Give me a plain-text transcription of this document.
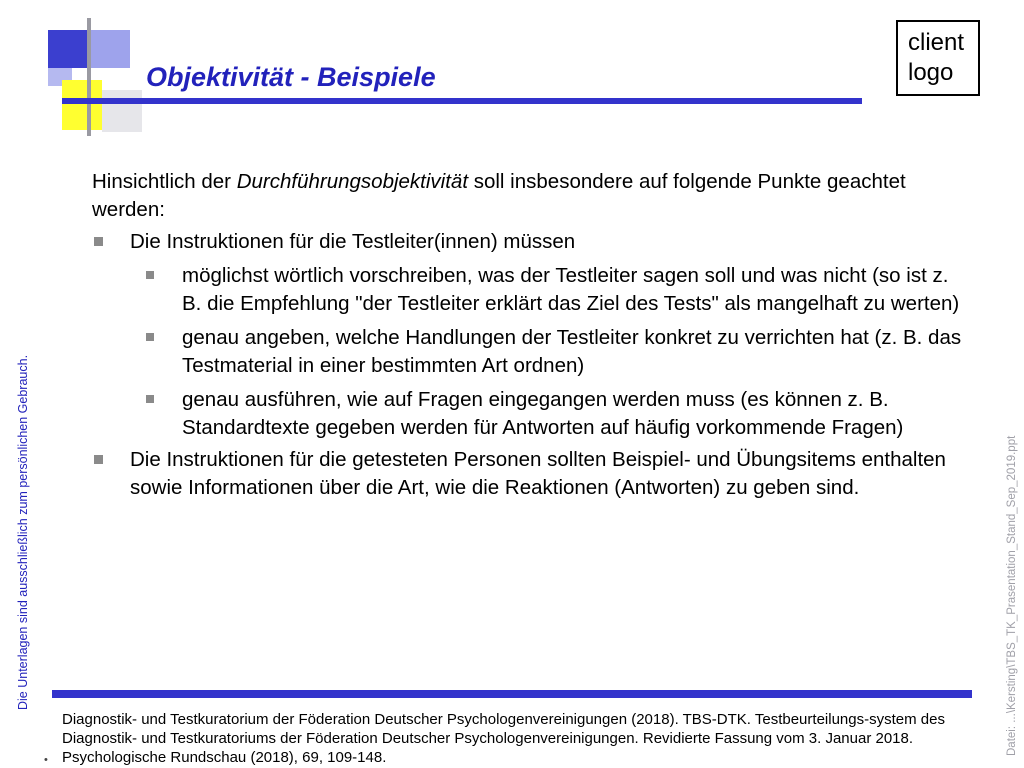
Objektivität - Beispiele
client
logo
Die Unterlagen sind ausschließlich zum persönlichen Gebrauch.	Datei: ...\Kersting\TBS_TK_Prasentation_Stand_Sep_2019.ppt

Hinsichtlich der Durchführungsobjektivität soll insbesondere auf folgende Punkte geachtet werden:

Die Instruktionen für die Testleiter(innen) müssen
möglichst wörtlich vorschreiben, was der Testleiter sagen soll und was nicht (so ist z. B. die Empfehlung "der Testleiter erklärt das Ziel des Tests" als mangelhaft zu werten)
genau angeben, welche Handlungen der Testleiter konkret zu verrichten hat (z. B. das Testmaterial in einer bestimmten Art ordnen)
genau ausführen, wie auf Fragen eingegangen werden muss (es können z. B. Standardtexte gegeben werden für Antworten auf häufig vorkommende Fragen)
Die Instruktionen für die getesteten Personen sollten Beispiel- und Übungsitems enthalten sowie Informationen über die Art, wie die Reaktionen (Antworten) zu geben sind.
•
Diagnostik- und Testkuratorium der Föderation Deutscher Psychologenvereinigungen (2018). TBS-DTK. Testbeurteilungs-system des Diagnostik- und Testkuratoriums der Föderation Deutscher Psychologenvereinigungen. Revidierte Fassung vom 3. Januar 2018. Psychologische Rundschau (2018), 69, 109-148.
